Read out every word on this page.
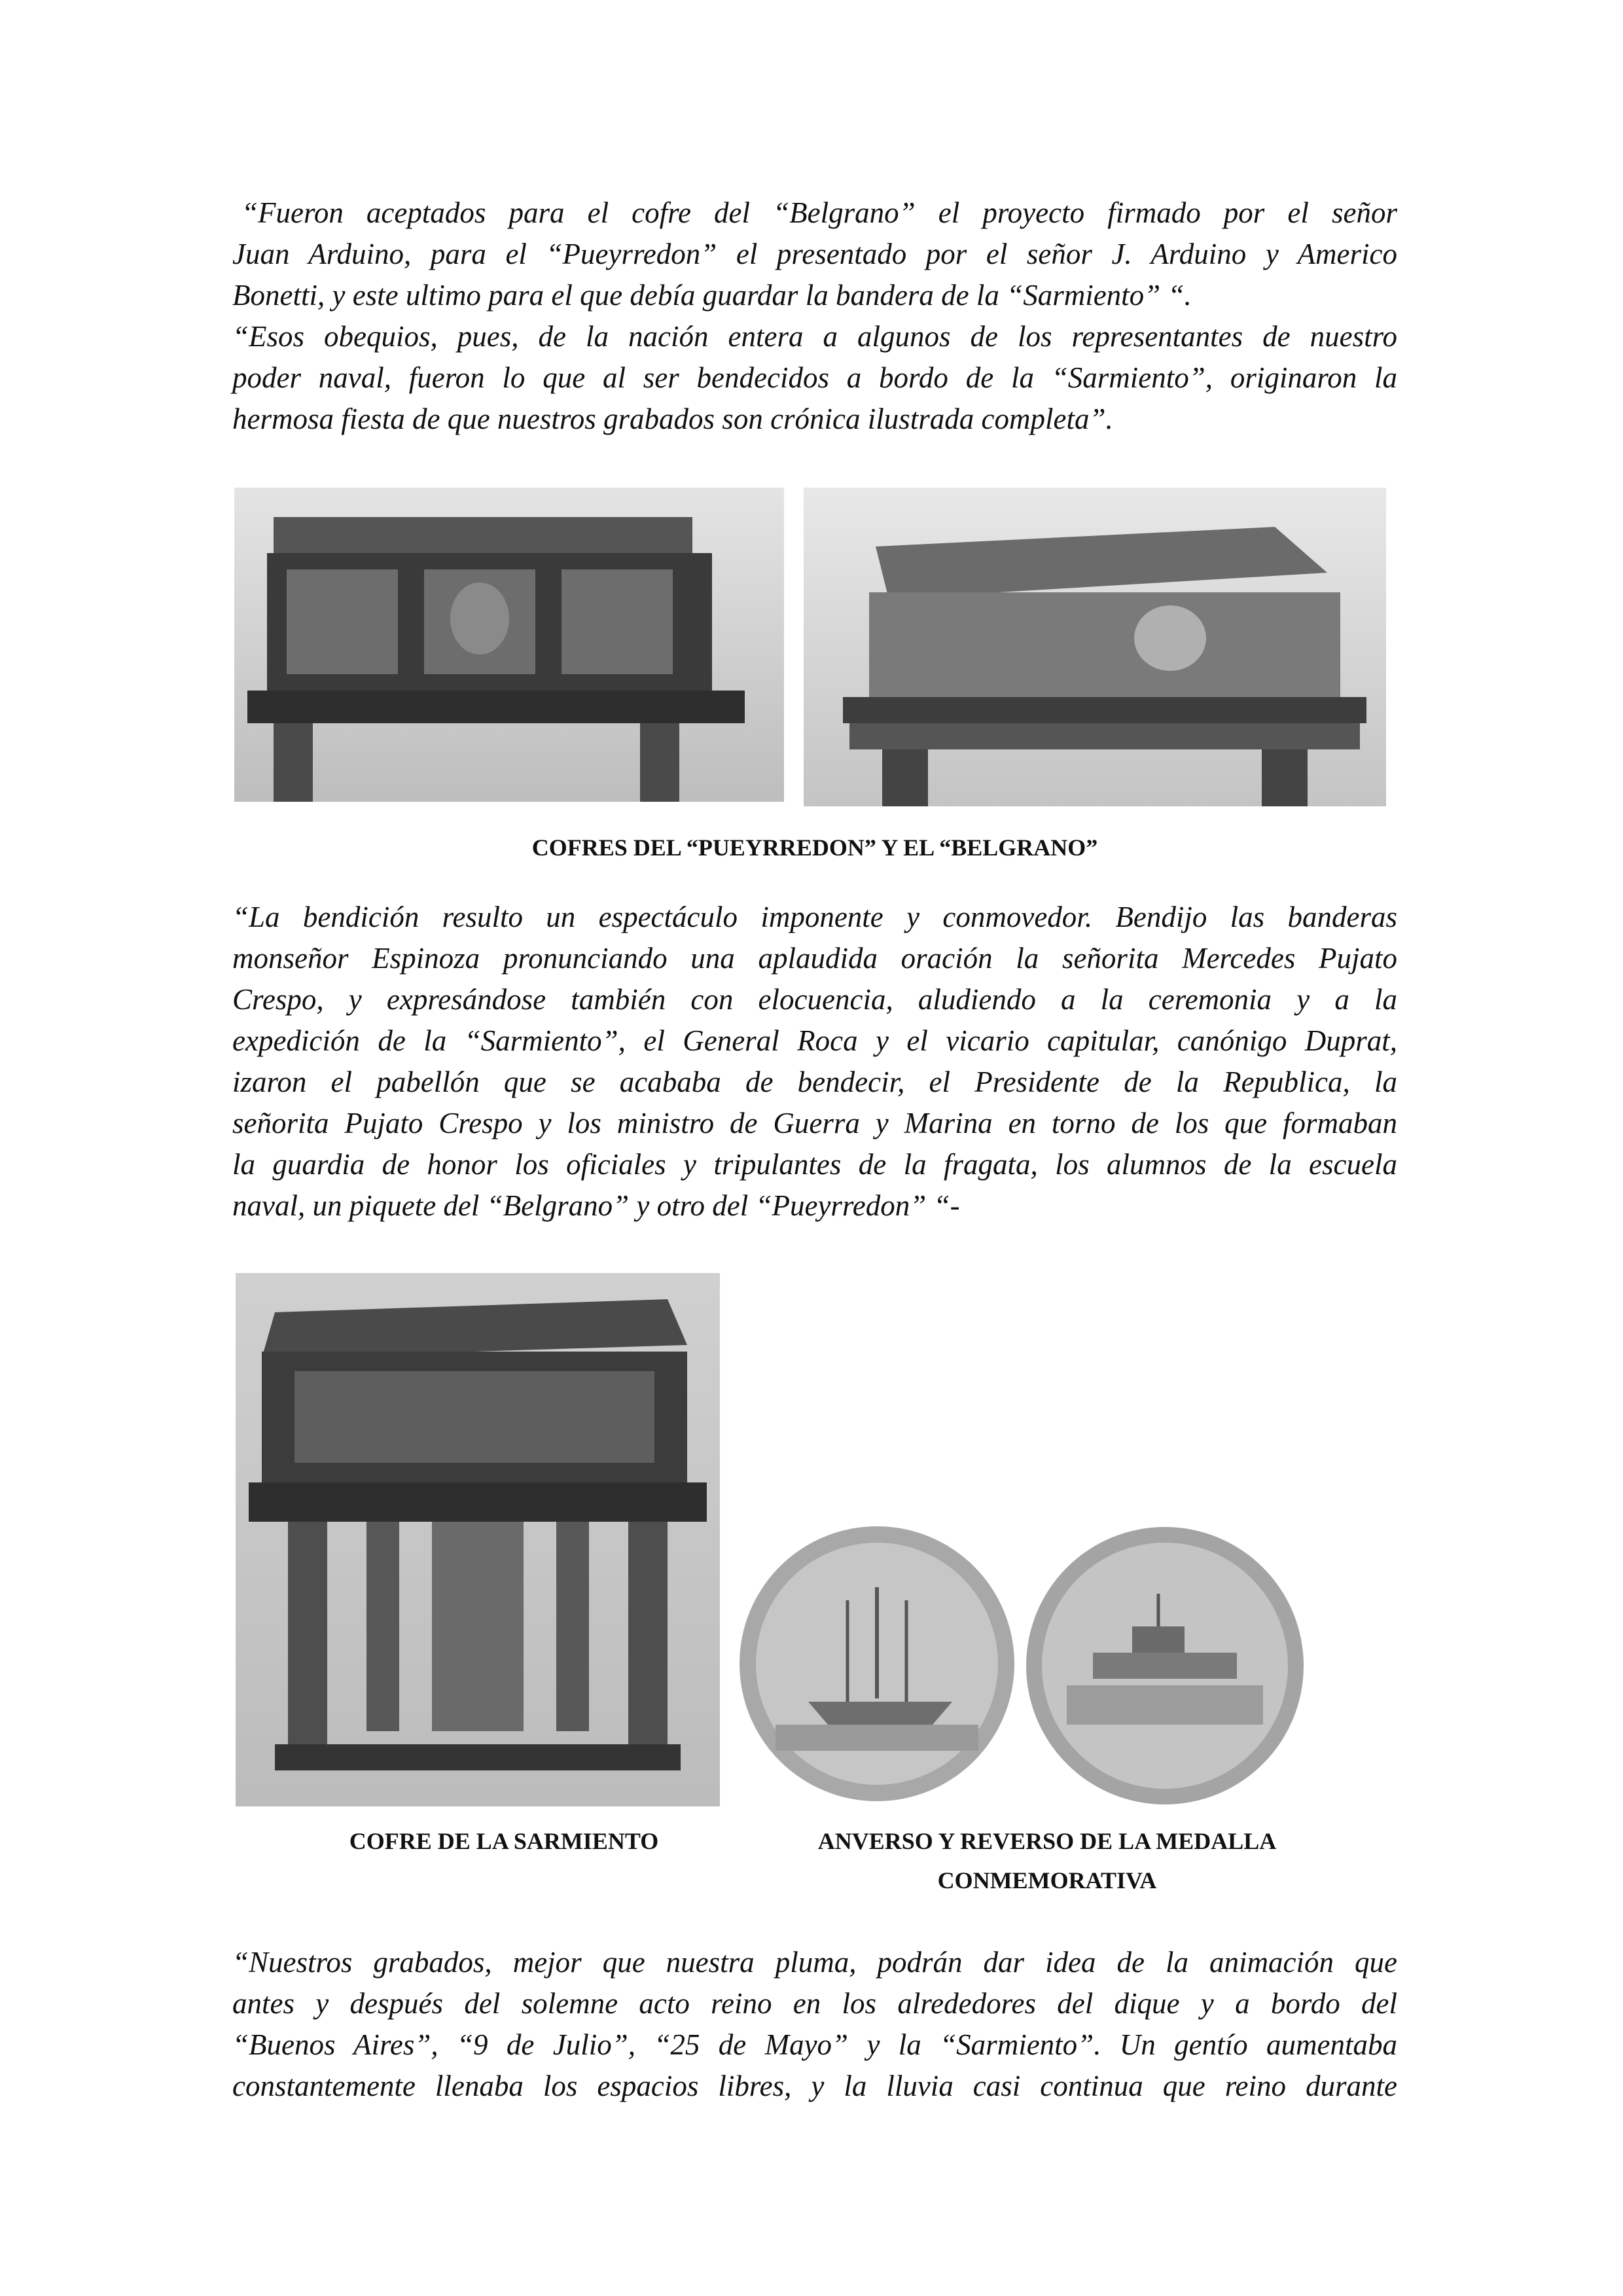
“Fueron aceptados para el cofre del “Belgrano” el proyecto firmado por el señor
Juan Arduino, para el “Pueyrredon” el presentado por el señor J. Arduino y Americo
Bonetti, y este ultimo para el que debía guardar la bandera de la “Sarmiento” “.
“Esos obequios, pues, de la nación entera a algunos de los representantes de nuestro
poder naval, fueron lo que al ser bendecidos a bordo de la “Sarmiento”, originaron la
hermosa fiesta de que nuestros grabados son crónica ilustrada completa”.
COFRES DEL “PUEYRREDON” Y EL “BELGRANO”
“La bendición resulto un espectáculo imponente y conmovedor. Bendijo las banderas
monseñor Espinoza pronunciando una aplaudida oración la señorita Mercedes Pujato
Crespo, y expresándose también con elocuencia, aludiendo a la ceremonia y a la
expedición de la “Sarmiento”, el General Roca y el vicario capitular, canónigo Duprat,
izaron el pabellón que se acababa de bendecir, el Presidente de la Republica, la
señorita Pujato Crespo y los ministro de Guerra y Marina en torno de los que formaban
la guardia de honor los oficiales y tripulantes de la fragata, los alumnos de la escuela
naval, un piquete del “Belgrano” y otro del “Pueyrredon” “-
COFRE DE LA SARMIENTO	ANVERSO Y REVERSO DE LA MEDALLA
CONMEMORATIVA
“Nuestros grabados, mejor que nuestra pluma, podrán dar idea de la animación que
antes y después del solemne acto reino en los alrededores del dique y a bordo del
“Buenos Aires”, “9 de Julio”, “25 de Mayo” y la “Sarmiento”. Un gentío aumentaba
constantemente llenaba los espacios libres, y la lluvia casi continua que reino durante
